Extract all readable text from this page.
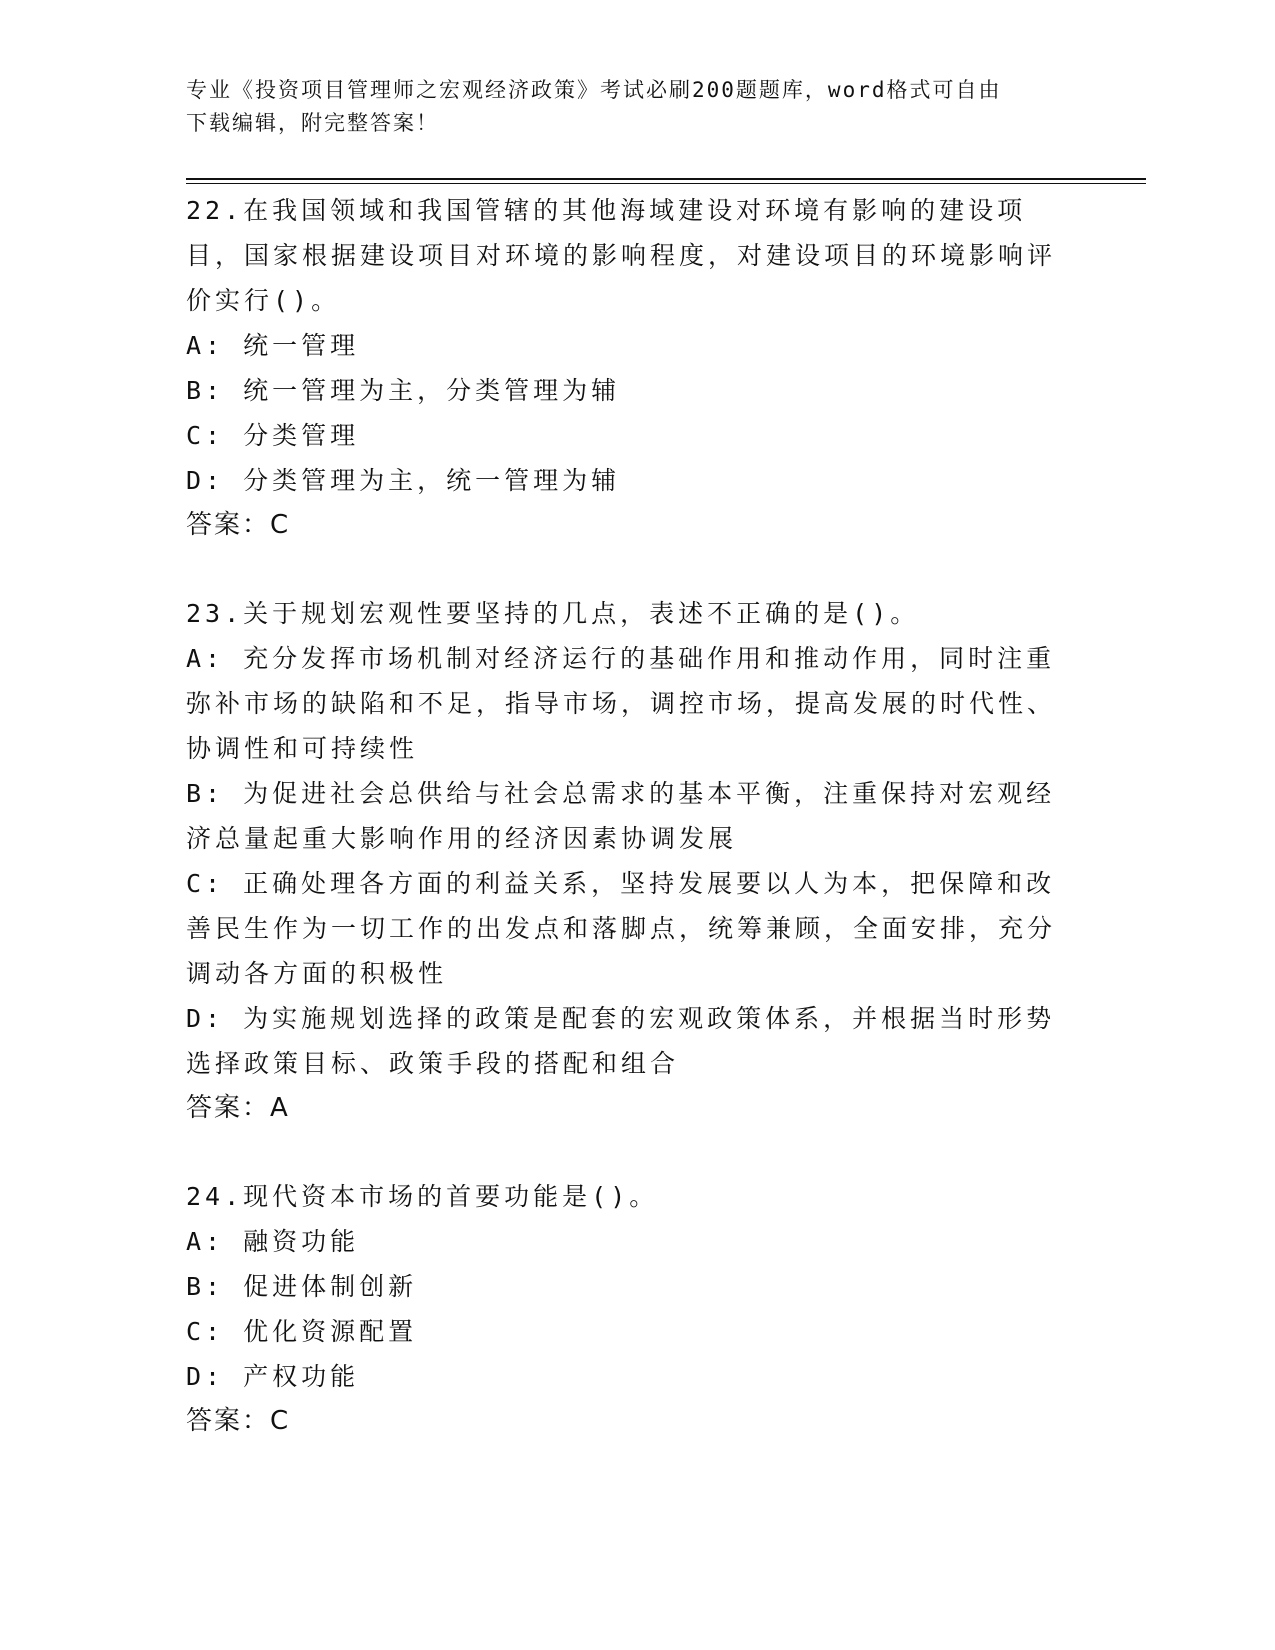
专业《投资项目管理师之宏观经济政策》考试必刷200题题库，word格式可自由
下载编辑，附完整答案！
22.在我国领域和我国管辖的其他海域建设对环境有影响的建设项目，国家根据建设项目对环境的影响程度，对建设项目的环境影响评价实行()。
A: 统一管理
B: 统一管理为主，分类管理为辅
C: 分类管理
D: 分类管理为主，统一管理为辅
答案：C
23.关于规划宏观性要坚持的几点，表述不正确的是()。
A: 充分发挥市场机制对经济运行的基础作用和推动作用，同时注重弥补市场的缺陷和不足，指导市场，调控市场，提高发展的时代性、协调性和可持续性
B: 为促进社会总供给与社会总需求的基本平衡，注重保持对宏观经济总量起重大影响作用的经济因素协调发展
C: 正确处理各方面的利益关系，坚持发展要以人为本，把保障和改善民生作为一切工作的出发点和落脚点，统筹兼顾，全面安排，充分调动各方面的积极性
D: 为实施规划选择的政策是配套的宏观政策体系，并根据当时形势选择政策目标、政策手段的搭配和组合
答案：A
24.现代资本市场的首要功能是()。
A: 融资功能
B: 促进体制创新
C: 优化资源配置
D: 产权功能
答案：C
